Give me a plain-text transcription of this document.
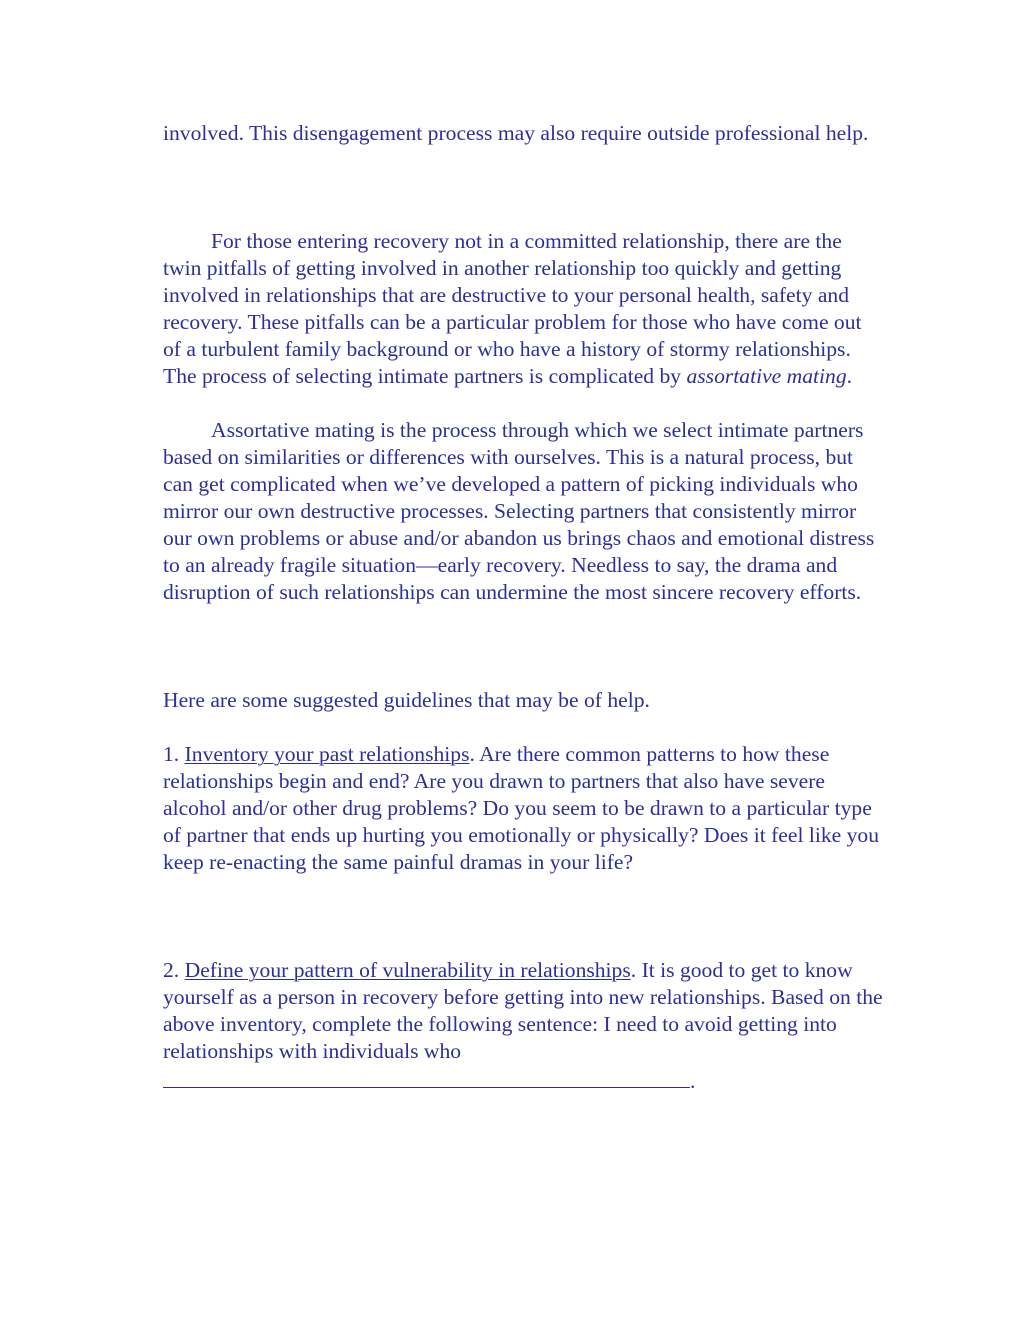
involved. This disengagement process may also require outside professional help.

For those entering recovery not in a committed relationship, there are the twin pitfalls of getting involved in another relationship too quickly and getting involved in relationships that are destructive to your personal health, safety and recovery. These pitfalls can be a particular problem for those who have come out of a turbulent family background or who have a history of stormy relationships. The process of selecting intimate partners is complicated by assortative mating.

Assortative mating is the process through which we select intimate partners based on similarities or differences with ourselves. This is a natural process, but can get complicated when we’ve developed a pattern of picking individuals who mirror our own destructive processes. Selecting partners that consistently mirror our own problems or abuse and/or abandon us brings chaos and emotional distress to an already fragile situation—early recovery. Needless to say, the drama and disruption of such relationships can undermine the most sincere recovery efforts.

Here are some suggested guidelines that may be of help.

1. Inventory your past relationships. Are there common patterns to how these relationships begin and end? Are you drawn to partners that also have severe alcohol and/or other drug problems? Do you seem to be drawn to a particular type of partner that ends up hurting you emotionally or physically? Does it feel like you keep re-enacting the same painful dramas in your life?

2. Define your pattern of vulnerability in relationships. It is good to get to know yourself as a person in recovery before getting into new relationships. Based on the above inventory, complete the following sentence: I need to avoid getting into relationships with individuals who
.
